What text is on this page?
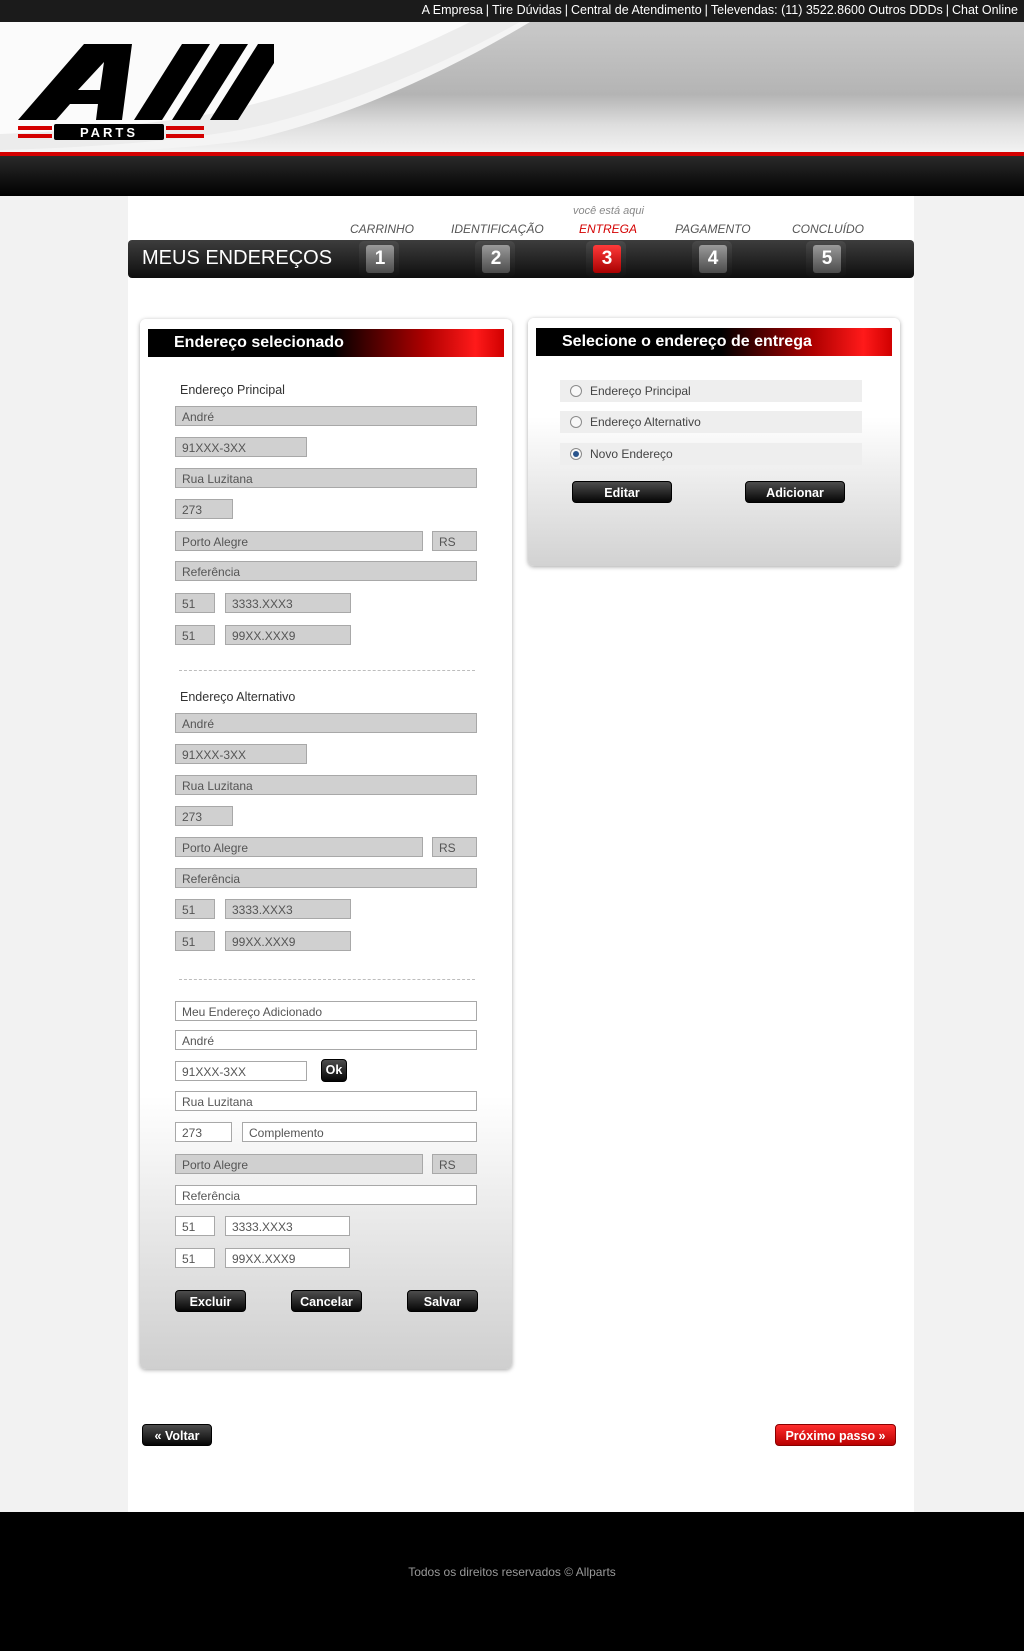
A Empresa | Tire Dúvidas | Central de Atendimento | Televendas: (11) 3522.8600 Outros DDDs | Chat Online
PARTS
você está aqui
CARRINHO	IDENTIFICAÇÃO	ENTREGA	PAGAMENTO	CONCLUÍDO
MEUS ENDEREÇOS	1	2	3	4	5
Endereço selecionado
Endereço Principal
André
91XXX-3XX
Rua Luzitana
273
Porto Alegre	RS
Referência
51	3333.XXX3
51	99XX.XXX9
Endereço Alternativo
André
91XXX-3XX
Rua Luzitana
273
Porto Alegre	RS
Referência
51	3333.XXX3
51	99XX.XXX9
Meu Endereço Adicionado
André
91XXX-3XX	Ok
Rua Luzitana
273	Complemento
Porto Alegre	RS
Referência
51	3333.XXX3
51	99XX.XXX9
Excluir	Cancelar	Salvar
Selecione o endereço de entrega
Endereço Principal
Endereço Alternativo
Novo Endereço
Editar	Adicionar
« Voltar	Próximo passo »
Todos os direitos reservados © Allparts
